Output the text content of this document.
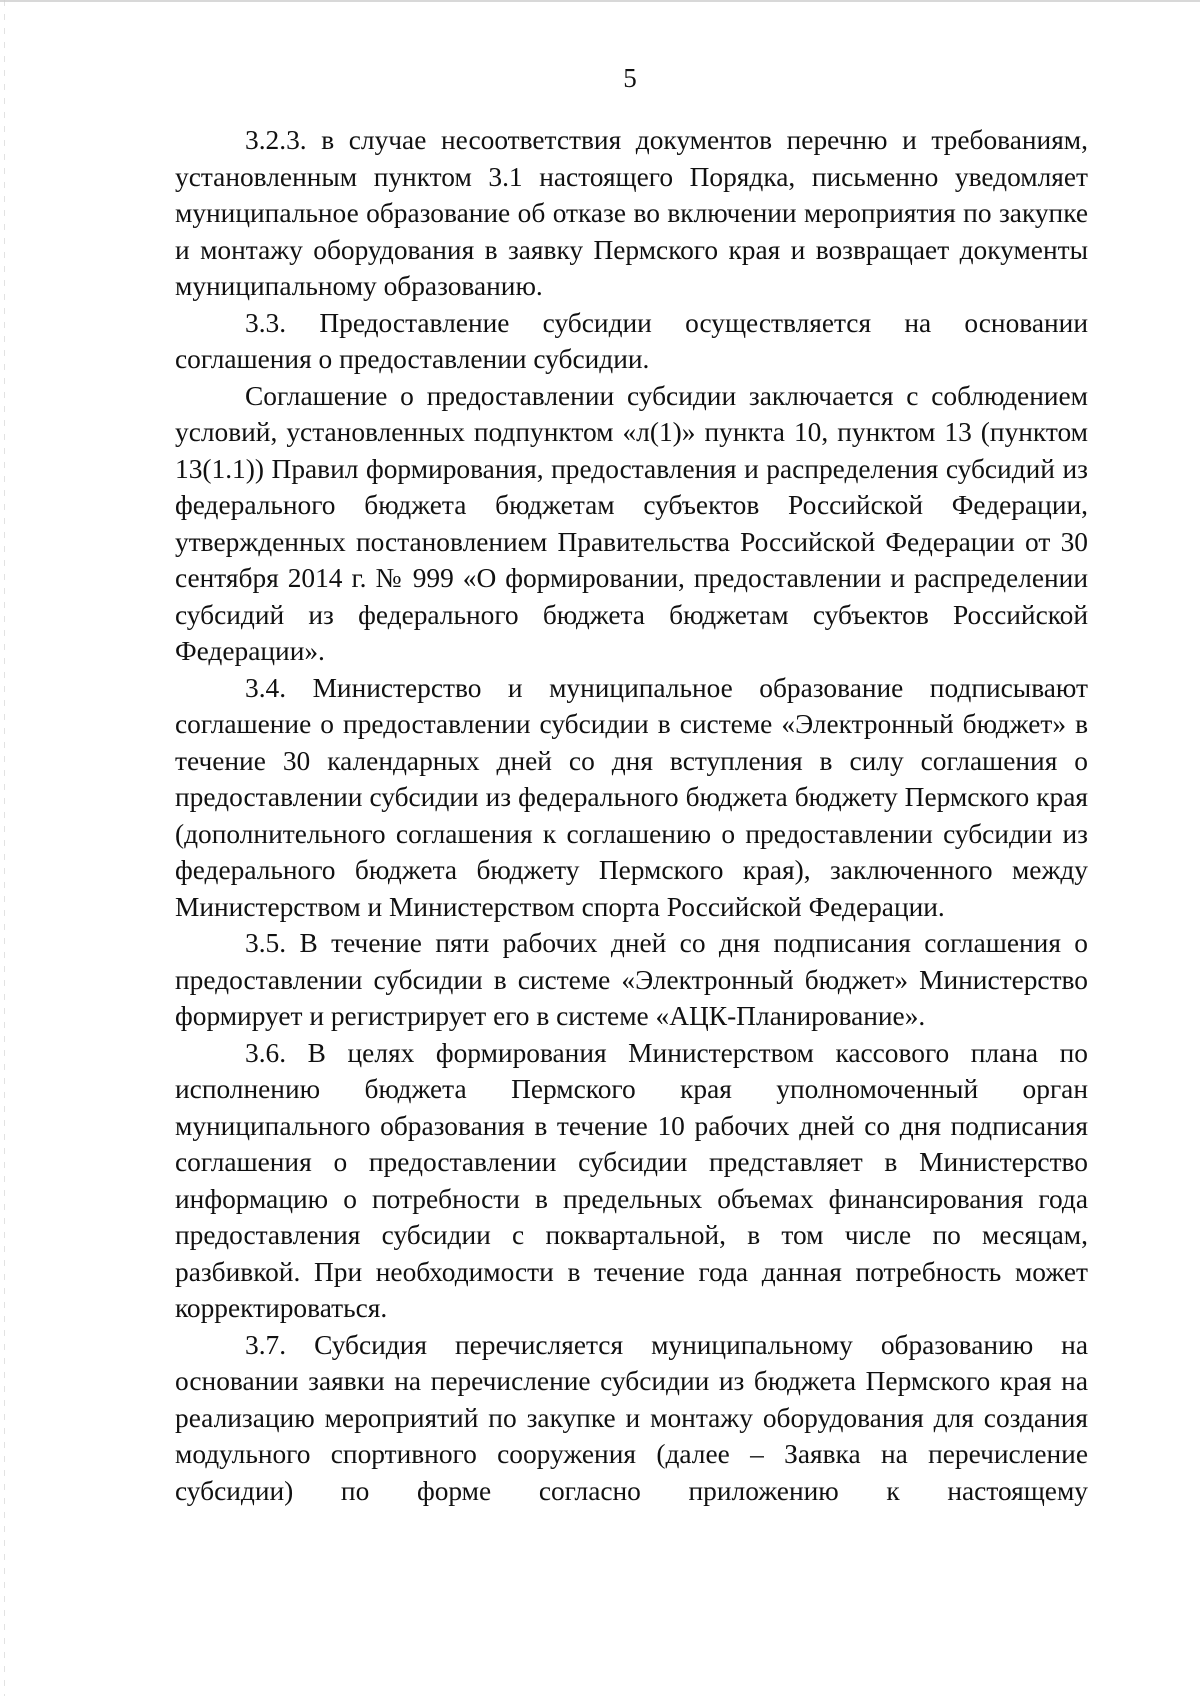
5

3.2.3. в случае несоответствия документов перечню и требованиям, установленным пунктом 3.1 настоящего Порядка, письменно уведомляет муниципальное образование об отказе во включении мероприятия по закупке и монтажу оборудования в заявку Пермского края и возвращает документы муниципальному образованию.

3.3. Предоставление субсидии осуществляется на основании соглашения о предоставлении субсидии.

Соглашение о предоставлении субсидии заключается с соблюдением условий, установленных подпунктом «л(1)» пункта 10, пунктом 13 (пунктом 13(1.1)) Правил формирования, предоставления и распределения субсидий из федерального бюджета бюджетам субъектов Российской Федерации, утвержденных постановлением Правительства Российской Федерации от 30 сентября 2014 г. № 999 «О формировании, предоставлении и распределении субсидий из федерального бюджета бюджетам субъектов Российской Федерации».

3.4. Министерство и муниципальное образование подписывают соглашение о предоставлении субсидии в системе «Электронный бюджет» в течение 30 календарных дней со дня вступления в силу соглашения о предоставлении субсидии из федерального бюджета бюджету Пермского края (дополнительного соглашения к соглашению о предоставлении субсидии из федерального бюджета бюджету Пермского края), заключенного между Министерством и Министерством спорта Российской Федерации.

3.5. В течение пяти рабочих дней со дня подписания соглашения о предоставлении субсидии в системе «Электронный бюджет» Министерство формирует и регистрирует его в системе «АЦК-Планирование».

3.6. В целях формирования Министерством кассового плана по исполнению бюджета Пермского края уполномоченный орган муниципального образования в течение 10 рабочих дней со дня подписания соглашения о предоставлении субсидии представляет в Министерство информацию о потребности в предельных объемах финансирования года предоставления субсидии с поквартальной, в том числе по месяцам, разбивкой. При необходимости в течение года данная потребность может корректироваться.

3.7. Субсидия перечисляется муниципальному образованию на основании заявки на перечисление субсидии из бюджета Пермского края на реализацию мероприятий по закупке и монтажу оборудования для создания модульного спортивного сооружения (далее – Заявка на перечисление субсидии) по форме согласно приложению к настоящему
